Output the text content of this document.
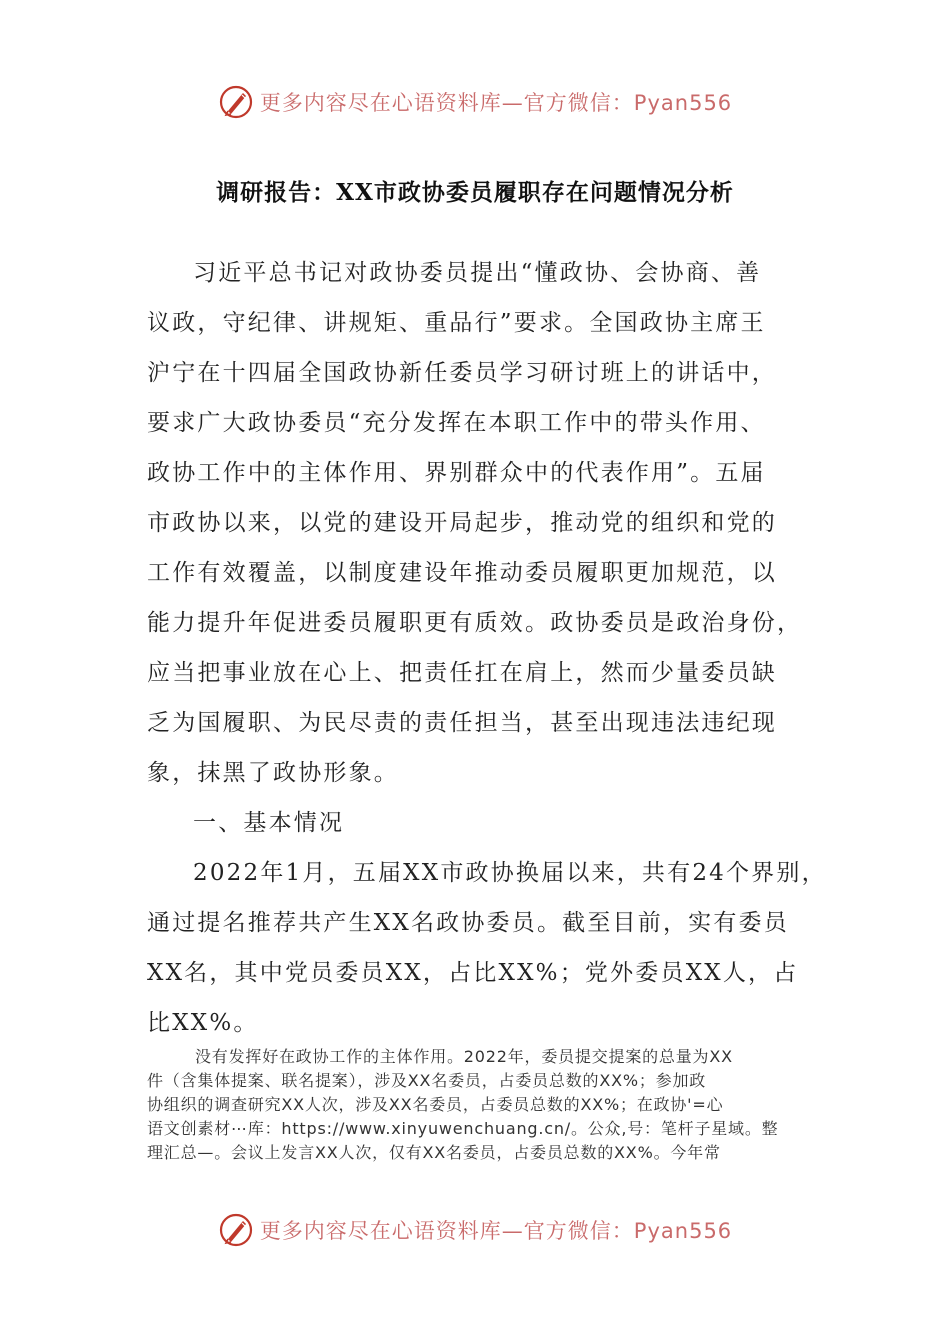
更多内容尽在心语资料库—官方微信：Pyan556
调研报告：XX市政协委员履职存在问题情况分析
习近平总书记对政协委员提出“懂政协、会协商、善
议政，守纪律、讲规矩、重品行”要求。全国政协主席王
沪宁在十四届全国政协新任委员学习研讨班上的讲话中，
要求广大政协委员“充分发挥在本职工作中的带头作用、
政协工作中的主体作用、界别群众中的代表作用”。五届
市政协以来，以党的建设开局起步，推动党的组织和党的
工作有效覆盖，以制度建设年推动委员履职更加规范，以
能力提升年促进委员履职更有质效。政协委员是政治身份，
应当把事业放在心上、把责任扛在肩上，然而少量委员缺
乏为国履职、为民尽责的责任担当，甚至出现违法违纪现
象，抹黑了政协形象。
一、基本情况
2022年1月，五届XX市政协换届以来，共有24个界别，
通过提名推荐共产生XX名政协委员。截至目前，实有委员
XX名，其中党员委员XX，占比XX%；党外委员XX人，占
比XX%。
没有发挥好在政协工作的主体作用。2022年，委员提交提案的总量为XX
件（含集体提案、联名提案），涉及XX名委员，占委员总数的XX%；参加政
协组织的调查研究XX人次，涉及XX名委员，占委员总数的XX%；在政协'=心
语文创素材⋯库：https://www.xinyuwenchuang.cn/。公众,号：笔杆子星域。整
理汇总—。会议上发言XX人次，仅有XX名委员，占委员总数的XX%。今年常
更多内容尽在心语资料库—官方微信：Pyan556
